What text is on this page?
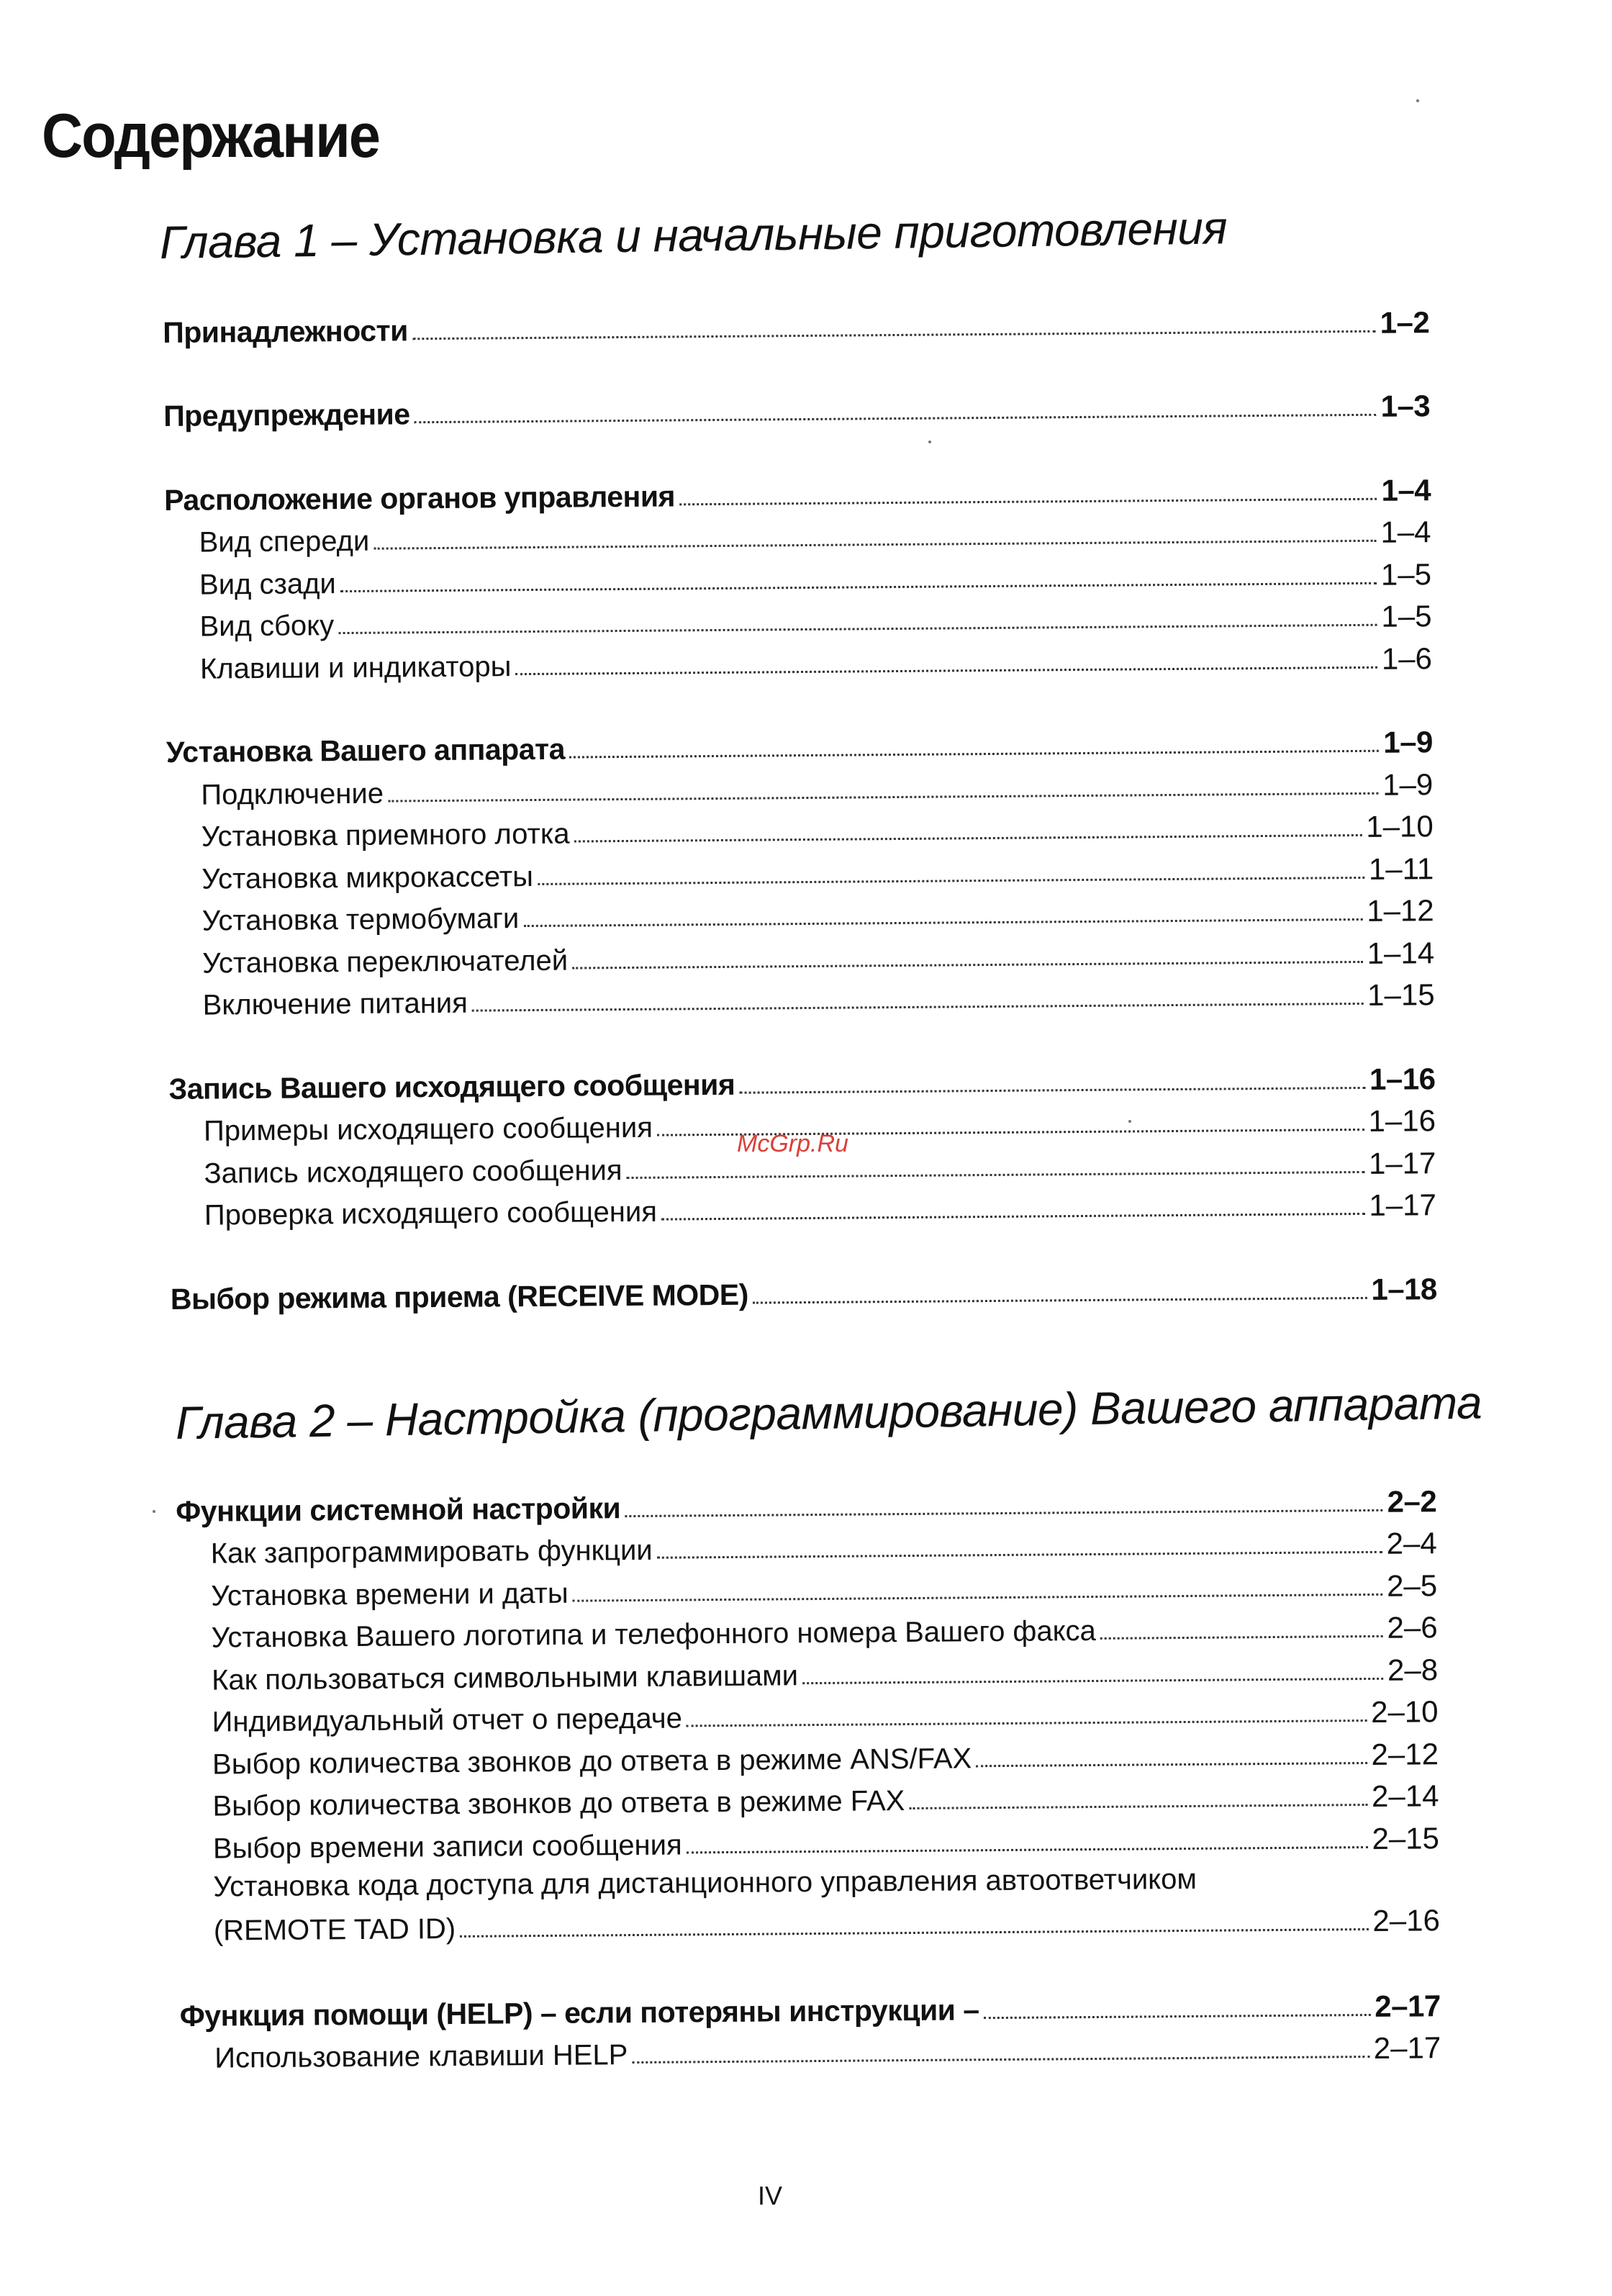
Содержание
Глава 1 – Установка и начальные приготовления
Принадлежности	1–2
Предупреждение	1–3
Расположение органов управления	1–4
Вид спереди	1–4
Вид сзади	1–5
Вид сбоку	1–5
Клавиши и индикаторы	1–6
Установка Вашего аппарата	1–9
Подключение	1–9
Установка приемного лотка	1–10
Установка микрокассеты	1–11
Установка термобумаги	1–12
Установка переключателей	1–14
Включение питания	1–15
Запись Вашего исходящего сообщения	1–16
Примеры исходящего сообщения	1–16
Запись исходящего сообщения	1–17
Проверка исходящего сообщения	1–17
Выбор режима приема (RECEIVE MODE)	1–18
Глава 2 – Настройка (программирование) Вашего аппарата
Функции системной настройки	2–2
Как запрограммировать функции	2–4
Установка времени и даты	2–5
Установка Вашего логотипа и телефонного номера Вашего факса	2–6
Как пользоваться символьными клавишами	2–8
Индивидуальный отчет о передаче	2–10
Выбор количества звонков до ответа в режиме ANS/FAX	2–12
Выбор количества звонков до ответа в режиме FAX	2–14
Выбор времени записи сообщения	2–15
Установка кода доступа для дистанционного управления автоответчиком
(REMOTE TAD ID)	2–16
Функция помощи (HELP) – если потеряны инструкции –	2–17
Использование клавиши HELP	2–17
McGrp.Ru
IV
